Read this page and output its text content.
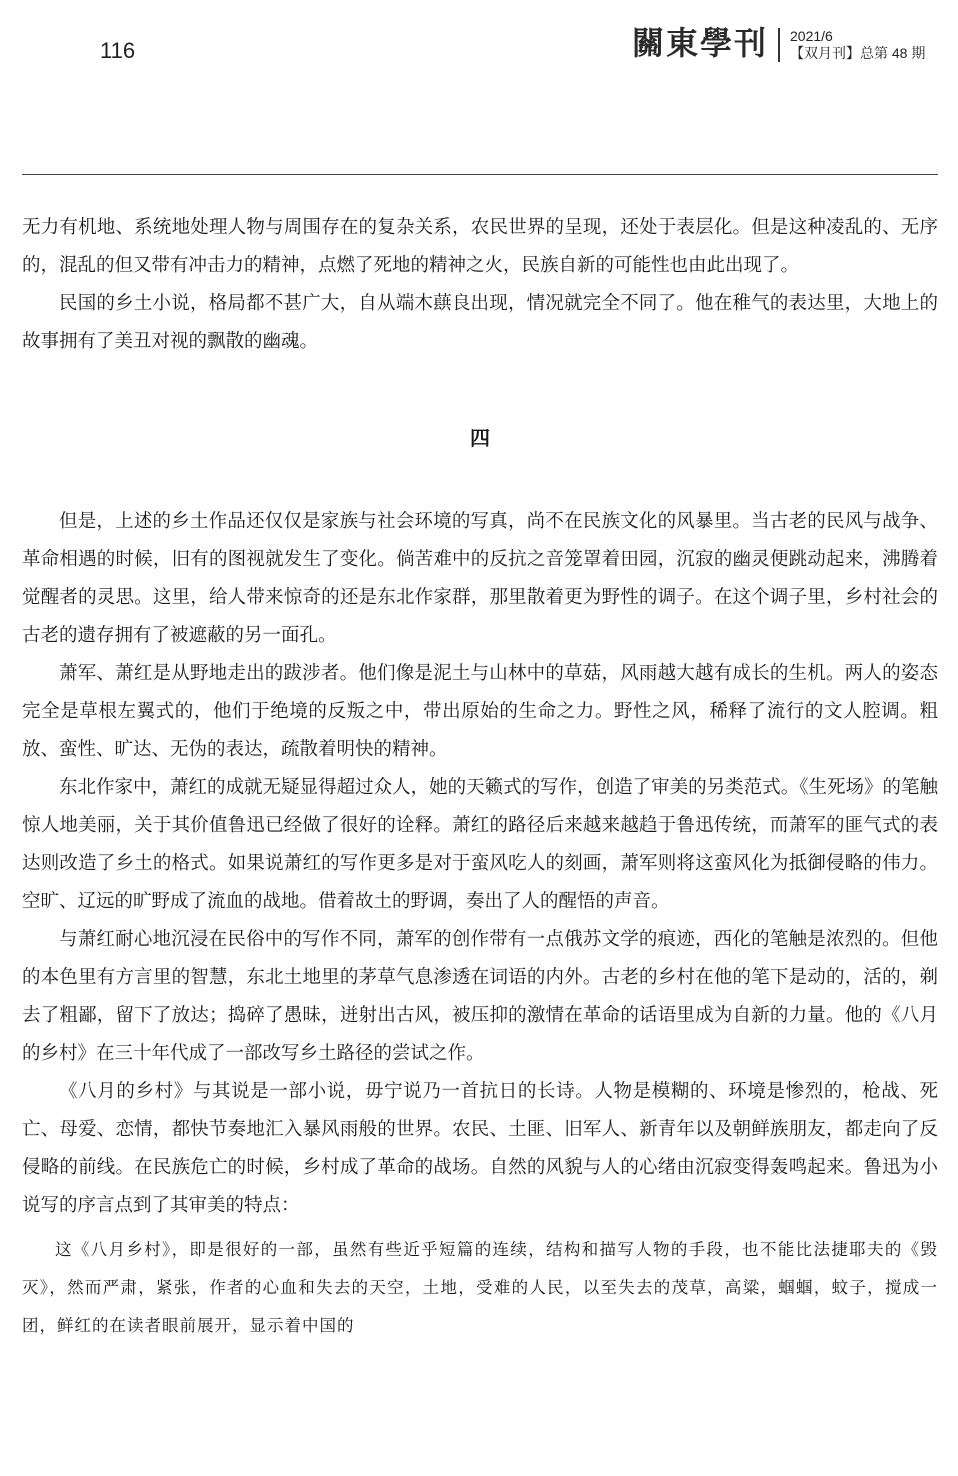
116	關東學刊 2021/6
【双月刊】总第 48 期

无力有机地、系统地处理人物与周围存在的复杂关系，农民世界的呈现，还处于表层化。但是这种凌乱的、无序的，混乱的但又带有冲击力的精神，点燃了死地的精神之火，民族自新的可能性也由此出现了。

民国的乡土小说，格局都不甚广大，自从端木蕻良出现，情况就完全不同了。他在稚气的表达里，大地上的故事拥有了美丑对视的飘散的幽魂。

四

但是，上述的乡土作品还仅仅是家族与社会环境的写真，尚不在民族文化的风暴里。当古老的民风与战争、革命相遇的时候，旧有的图视就发生了变化。倘苦难中的反抗之音笼罩着田园，沉寂的幽灵便跳动起来，沸腾着觉醒者的灵思。这里，给人带来惊奇的还是东北作家群，那里散着更为野性的调子。在这个调子里，乡村社会的古老的遗存拥有了被遮蔽的另一面孔。

萧军、萧红是从野地走出的跋涉者。他们像是泥土与山林中的草菇，风雨越大越有成长的生机。两人的姿态完全是草根左翼式的，他们于绝境的反叛之中，带出原始的生命之力。野性之风，稀释了流行的文人腔调。粗放、蛮性、旷达、无伪的表达，疏散着明快的精神。

东北作家中，萧红的成就无疑显得超过众人，她的天籁式的写作，创造了审美的另类范式。《生死场》的笔触惊人地美丽，关于其价值鲁迅已经做了很好的诠释。萧红的路径后来越来越趋于鲁迅传统，而萧军的匪气式的表达则改造了乡土的格式。如果说萧红的写作更多是对于蛮风吃人的刻画，萧军则将这蛮风化为抵御侵略的伟力。空旷、辽远的旷野成了流血的战地。借着故土的野调，奏出了人的醒悟的声音。

与萧红耐心地沉浸在民俗中的写作不同，萧军的创作带有一点俄苏文学的痕迹，西化的笔触是浓烈的。但他的本色里有方言里的智慧，东北土地里的茅草气息渗透在词语的内外。古老的乡村在他的笔下是动的，活的，剃去了粗鄙，留下了放达；捣碎了愚昧，迸射出古风，被压抑的激情在革命的话语里成为自新的力量。他的《八月的乡村》在三十年代成了一部改写乡土路径的尝试之作。

《八月的乡村》与其说是一部小说，毋宁说乃一首抗日的长诗。人物是模糊的、环境是惨烈的，枪战、死亡、母爱、恋情，都快节奏地汇入暴风雨般的世界。农民、土匪、旧军人、新青年以及朝鲜族朋友，都走向了反侵略的前线。在民族危亡的时候，乡村成了革命的战场。自然的风貌与人的心绪由沉寂变得轰鸣起来。鲁迅为小说写的序言点到了其审美的特点：

这《八月乡村》，即是很好的一部，虽然有些近乎短篇的连续，结构和描写人物的手段，也不能比法捷耶夫的《毁灭》，然而严肃，紧张，作者的心血和失去的天空，土地，受难的人民，以至失去的茂草，高粱，蝈蝈，蚊子，搅成一团，鲜红的在读者眼前展开，显示着中国的
